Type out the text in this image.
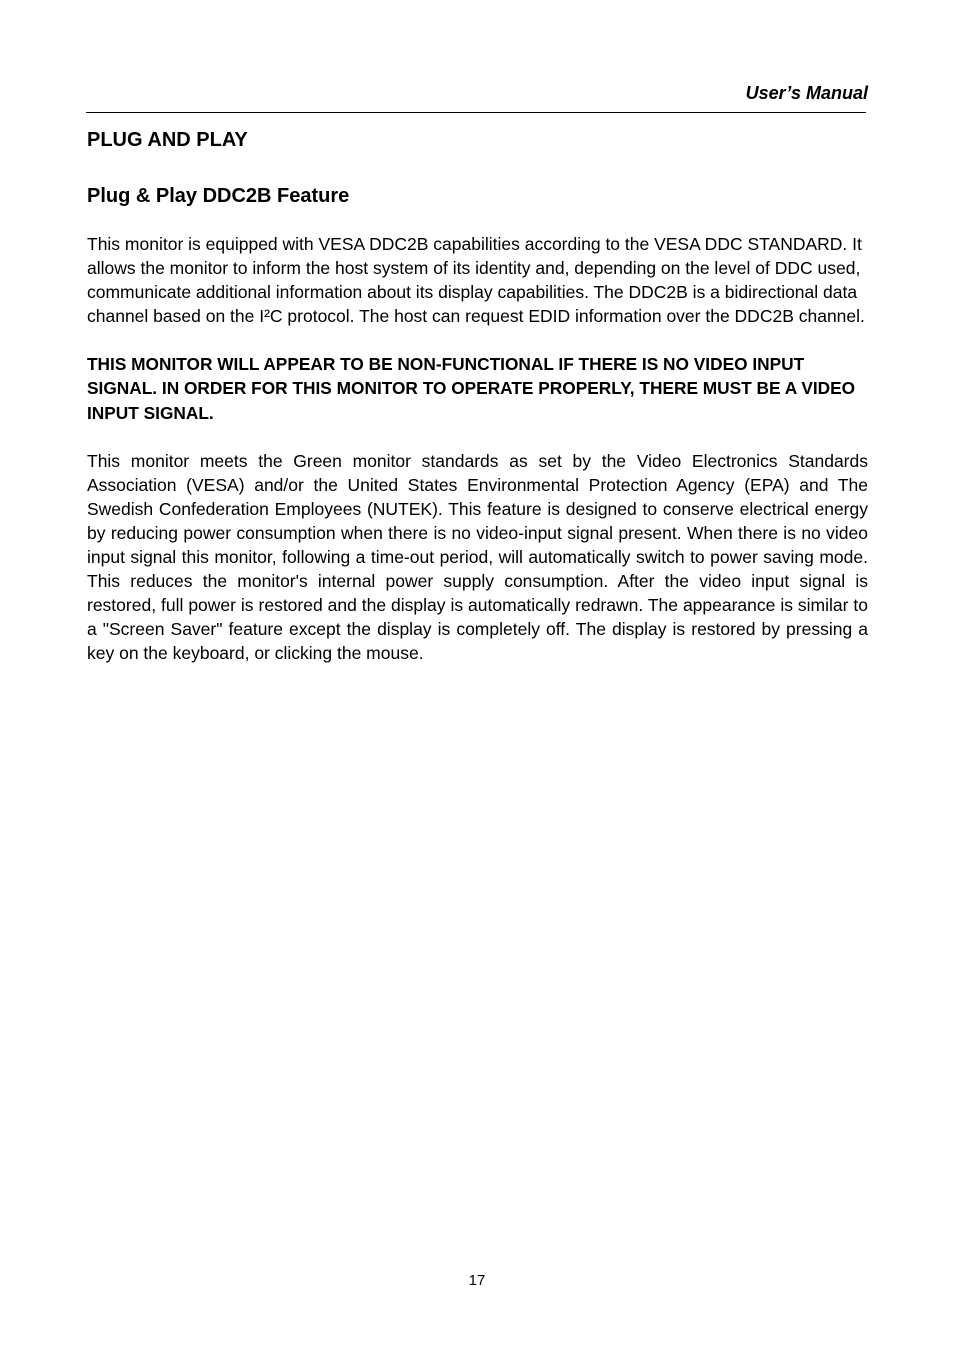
User’s Manual
PLUG AND PLAY
Plug & Play DDC2B Feature

This monitor is equipped with VESA DDC2B capabilities according to the VESA DDC STANDARD. It allows the monitor to inform the host system of its identity and, depending on the level of DDC used, communicate additional information about its display capabilities. The DDC2B is a bidirectional data channel based on the I²C protocol. The host can request EDID information over the DDC2B channel.

THIS MONITOR WILL APPEAR TO BE NON-FUNCTIONAL IF THERE IS NO VIDEO INPUT SIGNAL. IN ORDER FOR THIS MONITOR TO OPERATE PROPERLY, THERE MUST BE A VIDEO INPUT SIGNAL.

This monitor meets the Green monitor standards as set by the Video Electronics Standards Association (VESA) and/or the United States Environmental Protection Agency (EPA) and The Swedish Confederation Employees (NUTEK). This feature is designed to conserve electrical energy by reducing power consumption when there is no video-input signal present. When there is no video input signal this monitor, following a time-out period, will automatically switch to power saving mode. This reduces the monitor's internal power supply consumption. After the video input signal is restored, full power is restored and the display is automatically redrawn. The appearance is similar to a "Screen Saver" feature except the display is completely off. The display is restored by pressing a key on the keyboard, or clicking the mouse.

17
